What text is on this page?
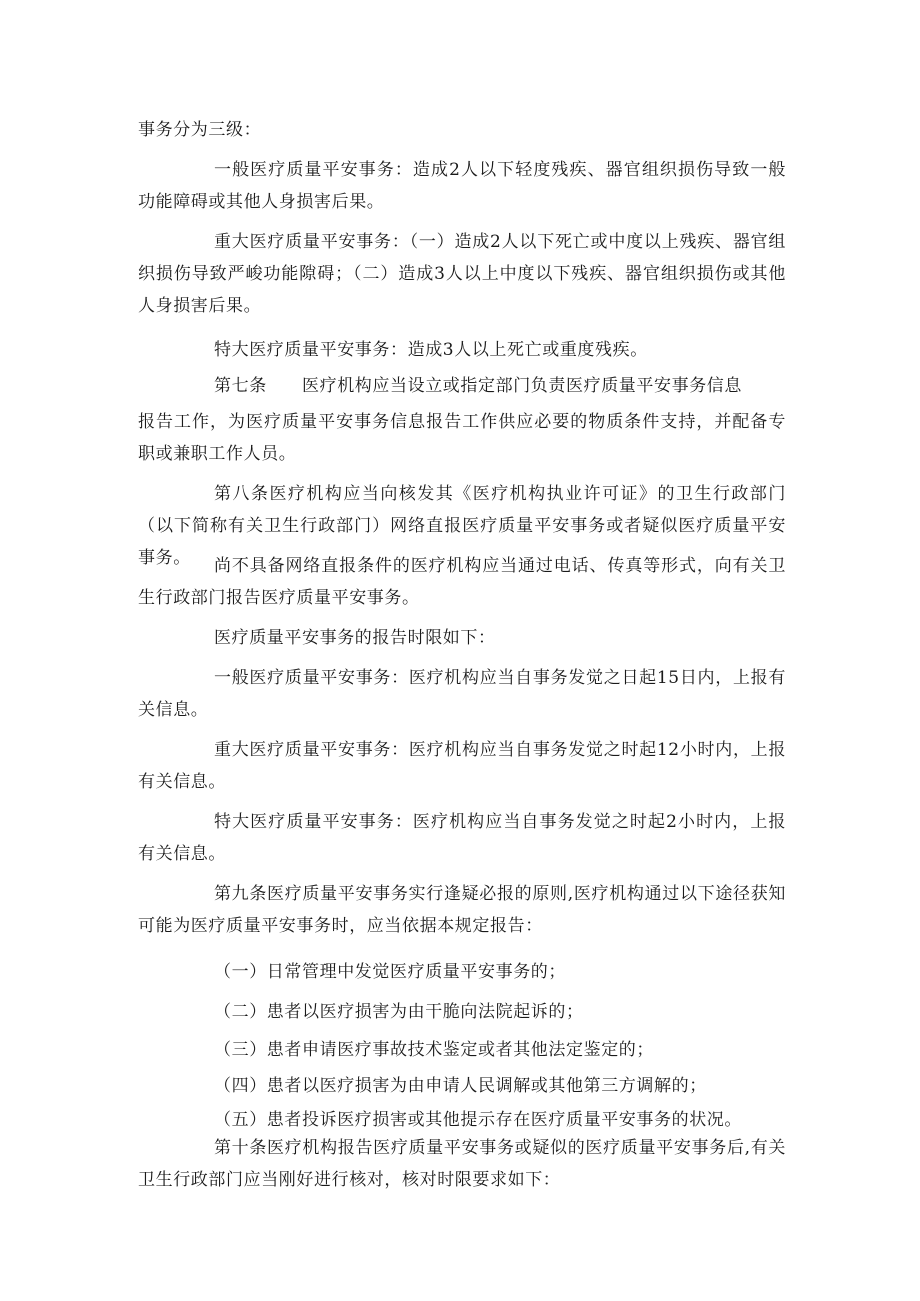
事务分为三级：

一般医疗质量平安事务：造成2人以下轻度残疾、器官组织损伤导致一般功能障碍或其他人身损害后果。

重大医疗质量平安事务：（一）造成2人以下死亡或中度以上残疾、器官组织损伤导致严峻功能隙碍；（二）造成3人以上中度以下残疾、器官组织损伤或其他人身损害后果。

特大医疗质量平安事务：造成3人以上死亡或重度残疾。

第七条　　医疗机构应当设立或指定部门负责医疗质量平安事务信息

报告工作，为医疗质量平安事务信息报告工作供应必要的物质条件支持，并配备专职或兼职工作人员。

第八条医疗机构应当向核发其《医疗机构执业许可证》的卫生行政部门（以下简称有关卫生行政部门）网络直报医疗质量平安事务或者疑似医疗质量平安事务。	尚不具备网络直报条件的医疗机构应当通过电话、传真等形式，向有关卫生行政部门报告医疗质量平安事务。

医疗质量平安事务的报告时限如下：

一般医疗质量平安事务：医疗机构应当自事务发觉之日起15日内，上报有关信息。

重大医疗质量平安事务：医疗机构应当自事务发觉之时起12小时内，上报有关信息。

特大医疗质量平安事务：医疗机构应当自事务发觉之时起2小时内，上报有关信息。

第九条医疗质量平安事务实行逢疑必报的原则,医疗机构通过以下途径获知可能为医疗质量平安事务时，应当依据本规定报告：

（一）日常管理中发觉医疗质量平安事务的；

（二）患者以医疗损害为由干脆向法院起诉的；

（三）患者申请医疗事故技术鉴定或者其他法定鉴定的；

（四）患者以医疗损害为由申请人民调解或其他第三方调解的；

（五）患者投诉医疗损害或其他提示存在医疗质量平安事务的状况。

第十条医疗机构报告医疗质量平安事务或疑似的医疗质量平安事务后,有关卫生行政部门应当刚好进行核对，核对时限要求如下：
